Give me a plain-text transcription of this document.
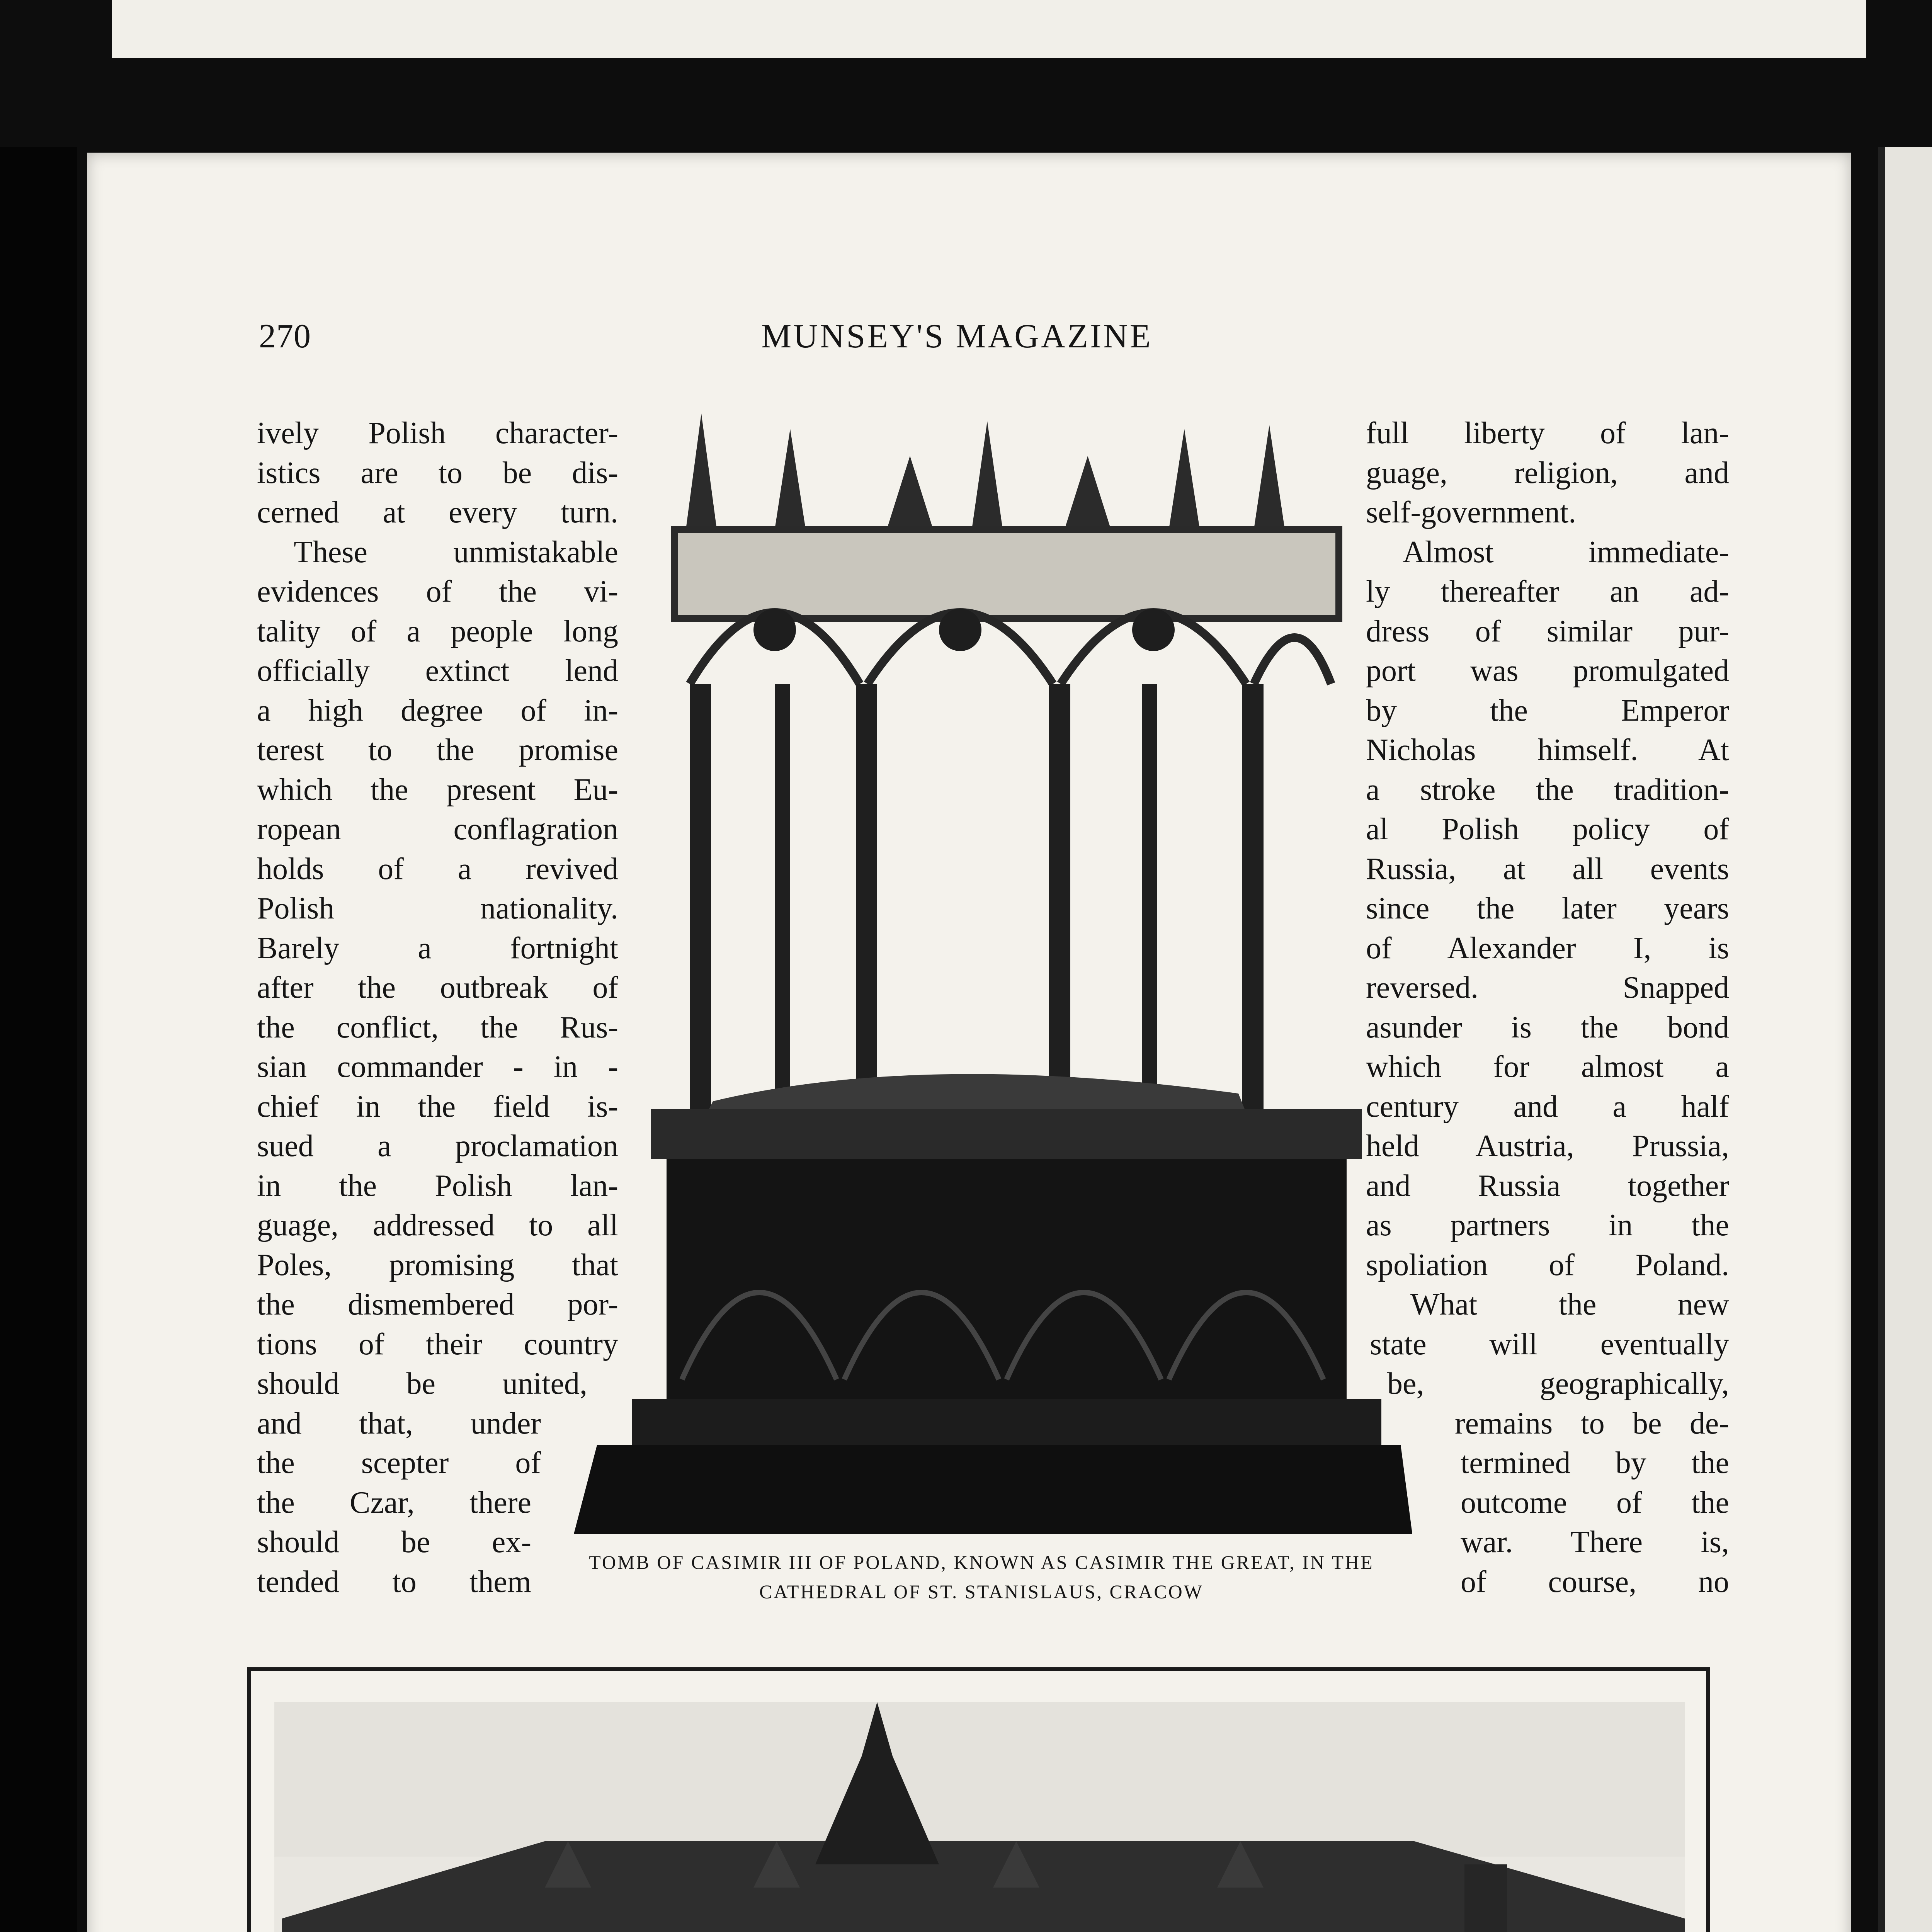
270	MUNSEY'S MAGAZINE
ively Polish character-
istics are to be dis-
cerned at every turn.
These unmistakable
evidences of the vi-
tality of a people long
officially extinct lend
a high degree of in-
terest to the promise
which the present Eu-
ropean conflagration
holds of a revived
Polish nationality.
Barely a fortnight
after the outbreak of
the conflict, the Rus-
sian commander - in -
chief in the field is-
sued a proclamation
in the Polish lan-
guage, addressed to all
Poles, promising that
the dismembered por-
tions of their country
should be united,
and that, under
the scepter of
the Czar, there
should be ex-
tended to them
full liberty of lan-
guage, religion, and
self-government.
Almost immediate-
ly thereafter an ad-
dress of similar pur-
port was promulgated
by the Emperor
Nicholas himself. At
a stroke the tradition-
al Polish policy of
Russia, at all events
since the later years
of Alexander I, is
reversed. Snapped
asunder is the bond
which for almost a
century and a half
held Austria, Prussia,
and Russia together
as partners in the
spoliation of Poland.
What the new
state will eventually
be, geographically,
remains to be de-
termined by the
outcome of the
war. There is,
of course, no
TOMB OF CASIMIR III OF POLAND, KNOWN AS CASIMIR THE GREAT, IN THE CATHEDRAL OF ST. STANISLAUS, CRACOW
